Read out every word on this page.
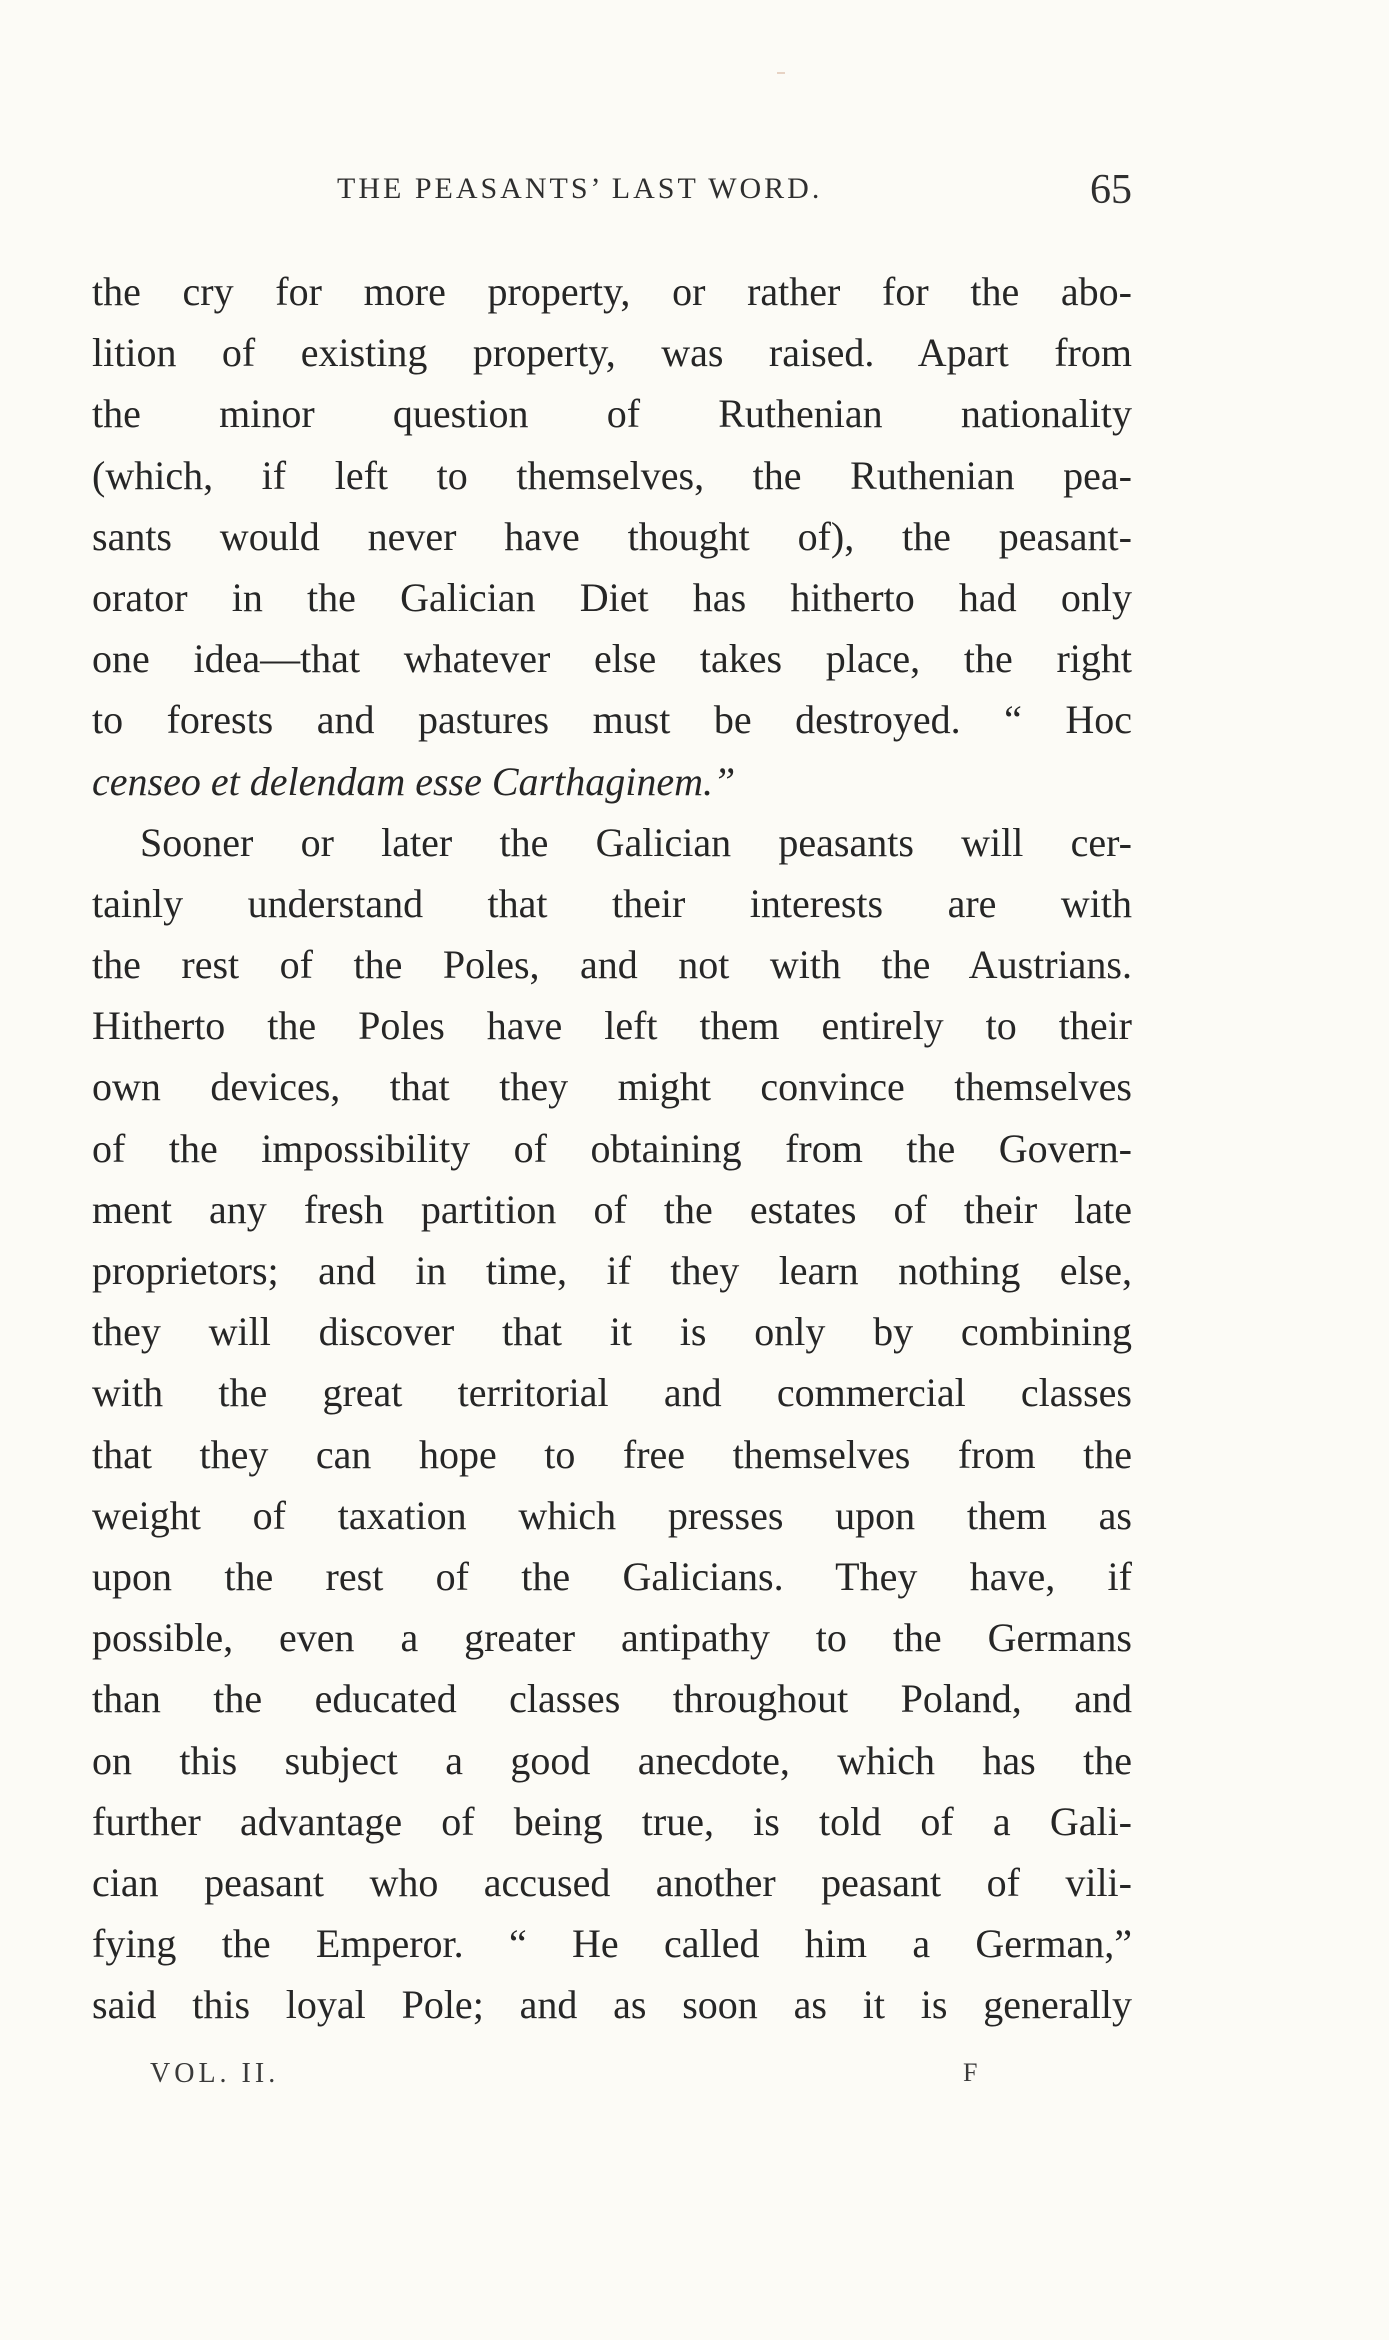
THE PEASANTS’ LAST WORD.	65
the cry for more property, or rather for the abo-
lition of existing property, was raised. Apart from
the minor question of Ruthenian nationality
(which, if left to themselves, the Ruthenian pea-
sants would never have thought of), the peasant-
orator in the Galician Diet has hitherto had only
one idea—that whatever else takes place, the right
to forests and pastures must be destroyed. “ Hoc
censeo et delendam esse Carthaginem.”
Sooner or later the Galician peasants will cer-
tainly understand that their interests are with
the rest of the Poles, and not with the Austrians.
Hitherto the Poles have left them entirely to their
own devices, that they might convince themselves
of the impossibility of obtaining from the Govern-
ment any fresh partition of the estates of their late
proprietors; and in time, if they learn nothing else,
they will discover that it is only by combining
with the great territorial and commercial classes
that they can hope to free themselves from the
weight of taxation which presses upon them as
upon the rest of the Galicians. They have, if
possible, even a greater antipathy to the Germans
than the educated classes throughout Poland, and
on this subject a good anecdote, which has the
further advantage of being true, is told of a Gali-
cian peasant who accused another peasant of vili-
fying the Emperor. “ He called him a German,”
said this loyal Pole; and as soon as it is generally
VOL. II.	F
